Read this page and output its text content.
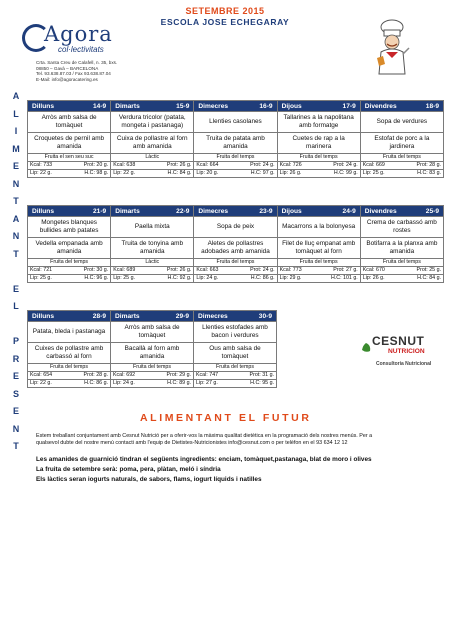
Agora
col·lectivitats
Crta. Santa Creu de Calafell, n. 35, bxs.
08850 – Gavà – BARCELONA
Tel. 93.638.87.03 / Fax 93.638.87.04
E-Mail: info@agoracatering.es
SETEMBRE 2015
ESCOLA JOSE ECHEGARAY
A
L
I
M
E
N
T
A
N
T
E
L
P
R
E
S
E
N
T
Dilluns 14-9	Dimarts 15-9	Dimecres 16-9	Dijous 17-9	Divendres 18-9

Arròs amb salsa de tomàquet	Verdura tricolor (patata, mongeta i pastanaga)	Llenties casolanes	Tallarines a la napolitana amb formatge	Sopa de verdures
Croquetes de pernil amb amanida	Cuixa de pollastre al forn amb amanida	Truita de patata amb amanida	Cuetes de rap a la marinera	Estofat de porc a la jardinera
Fruita el sen seu suc	Làctic	Fruita del temps	Fruita del temps	Fruita del temps

Kcal: 733 Prot: 20 g.	Kcal: 638 Prot: 26 g.	Kcal: 664 Prot: 24 g.	Kcal: 726 Prot: 24 g.	Kcal: 669 Prot: 28 g.

Lip: 22 g. H.C: 98 g.	Lip: 22 g. H.C: 84 g.	Lip: 20 g. H.C: 97 g.	Lip: 26 g. H.C: 99 g.	Lip: 25 g. H.C: 83 g.
Dilluns 21-9	Dimarts 22-9	Dimecres 23-9	Dijous 24-9	Divendres 25-9

Mongetes blanques bullides amb patates	Paella mixta	Sopa de peix	Macarrons a la bolonyesa	Crema de carbassó amb rostes
Vedella empanada amb amanida	Truita de tonyina amb amanida	Aletes de pollastres adobades amb amanida	Filet de lluç empanat amb tomàquet al forn	Botifarra a la planxa amb amanida
Fruita del temps	Làctic	Fruita del temps	Fruita del temps	Fruita del temps

Kcal: 721 Prot: 30 g.	Kcal: 689 Prot: 26 g.	Kcal: 663 Prot: 24 g.	Kcal: 773 Prot: 27 g.	Kcal: 670 Prot: 25 g.

Lip: 25 g. H.C: 96 g.	Lip: 25 g. H.C: 92 g.	Lip: 24 g. H.C: 86 g.	Lip: 29 g. H.C: 101 g.	Lip: 26 g. H.C: 84 g.
Dilluns 28-9	Dimarts 29-9	Dimecres 30-9

Patata, bleda i pastanaga	Arròs amb salsa de tomàquet	Llenties estofades amb bacon i verdures
Cuixes de pollastre amb carbassó al forn	Bacallà al forn amb amanida	Ous amb salsa de tomàquet
Fruita del temps	Fruita del temps	Fruita del temps

Kcal: 654 Prot: 28 g.	Kcal: 692 Prot: 29 g.	Kcal: 747 Prot: 31 g.

Lip: 22 g. H.C: 86 g.	Lip: 24 g. H.C: 89 g.	Lip: 27 g. H.C: 95 g.
CESNUT
NUTRICION
Consultoria Nutricional
ALIMENTANT EL FUTUR
Estem treballant conjuntament amb Cesnut Nutrició per a oferir-vos la màxima qualitat dietètica en la programació dels nostres menús. Per a
qualsevol dubte del nostre menú contacti amb l'equip de Dietistes-Nutricionistes info@cesnut.com o per telèfon en el 93 634 12 12
Les amanides de guarnició tindran el següents ingredients: enciam, tomàquet,pastanaga, blat de moro i olives
La fruita de setembre serà: poma, pera, plàtan, meló i síndria
Els làctics seran iogurts naturals, de sabors, flams, iogurt líquids i natilles
